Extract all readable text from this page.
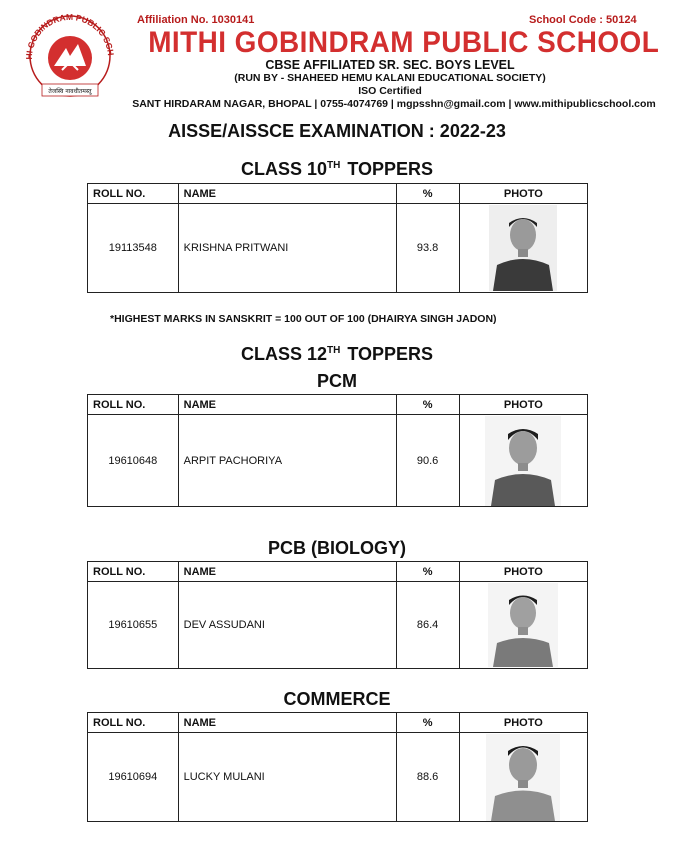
HI GOBINDRAM PUBLIC SCH
तेजस्वि नावधीतमस्तु
Affiliation No. 1030141	School Code : 50124
MITHI GOBINDRAM PUBLIC SCHOOL
CBSE AFFILIATED SR. SEC. BOYS LEVEL
(RUN BY - SHAHEED HEMU KALANI EDUCATIONAL SOCIETY)
ISO Certified
SANT HIRDARAM NAGAR, BHOPAL | 0755-4074769 | mgpsshn@gmail.com | www.mithipublicschool.com
AISSE/AISSCE EXAMINATION : 2022-23
CLASS 10TH TOPPERS
ROLL NO.	NAME	%	PHOTO
19113548	KRISHNA PRITWANI	93.8	
*HIGHEST MARKS IN SANSKRIT = 100 OUT OF 100 (DHAIRYA SINGH JADON)
CLASS 12TH TOPPERS
PCM
ROLL NO.	NAME	%	PHOTO
19610648	ARPIT PACHORIYA	90.6	
PCB (BIOLOGY)
ROLL NO.	NAME	%	PHOTO
19610655	DEV ASSUDANI	86.4	
COMMERCE
ROLL NO.	NAME	%	PHOTO
19610694	LUCKY MULANI	88.6	
